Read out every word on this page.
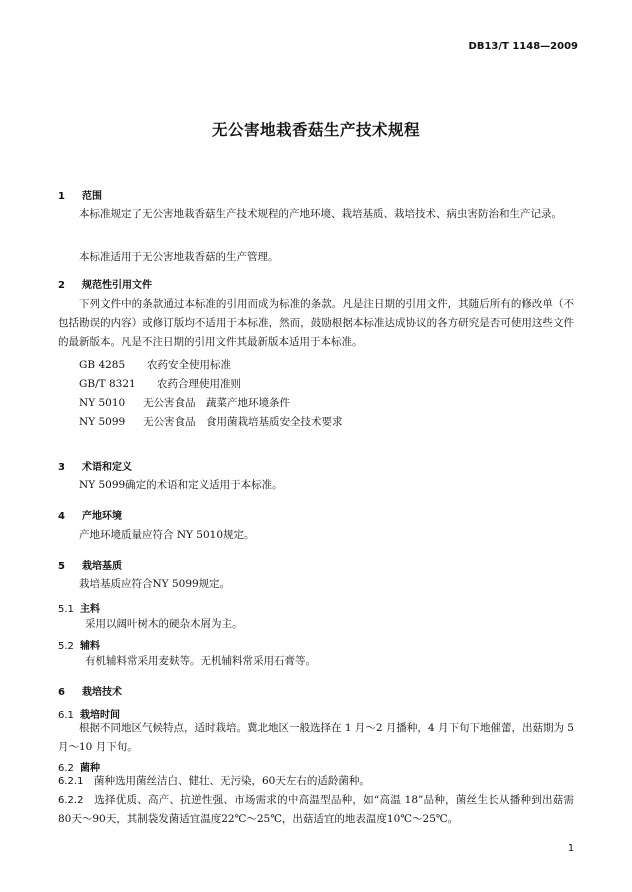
DB13/T 1148—2009
无公害地栽香菇生产技术规程
1 范围
本标准规定了无公害地栽香菇生产技术规程的产地环境、栽培基质、栽培技术、病虫害防治和生产记录。
本标准适用于无公害地栽香菇的生产管理。
2 规范性引用文件
下列文件中的条款通过本标准的引用而成为标准的条款。凡是注日期的引用文件，其随后所有的修改单（不包括勘误的内容）或修订版均不适用于本标准，然而，鼓励根据本标准达成协议的各方研究是否可使用这些文件的最新版本。凡是不注日期的引用文件其最新版本适用于本标准。
GB 4285 农药安全使用标准
GB/T 8321 农药合理使用准则
NY 5010 无公害食品　蔬菜产地环境条件
NY 5099 无公害食品　食用菌栽培基质安全技术要求
3 术语和定义
NY 5099确定的术语和定义适用于本标准。
4 产地环境
产地环境质量应符合 NY 5010规定。
5 栽培基质
栽培基质应符合NY 5099规定。
5.1 主料
采用以阔叶树木的硬杂木屑为主。
5.2 辅料
有机辅料常采用麦麸等。无机辅料常采用石膏等。
6 栽培技术
6.1 栽培时间
根据不同地区气候特点，适时栽培。冀北地区一般选择在 1 月～2 月播种，4 月下旬下地催蕾，出菇期为 5 月～10 月下旬。
6.2 菌种
6.2.1 菌种选用菌丝洁白、健壮、无污染，60天左右的适龄菌种。
6.2.2 选择优质、高产、抗逆性强、市场需求的中高温型品种，如“高温 18”品种，菌丝生长从播种到出菇需80天～90天，其制袋发菌适宜温度22℃～25℃，出菇适宜的地表温度10℃～25℃。
1
